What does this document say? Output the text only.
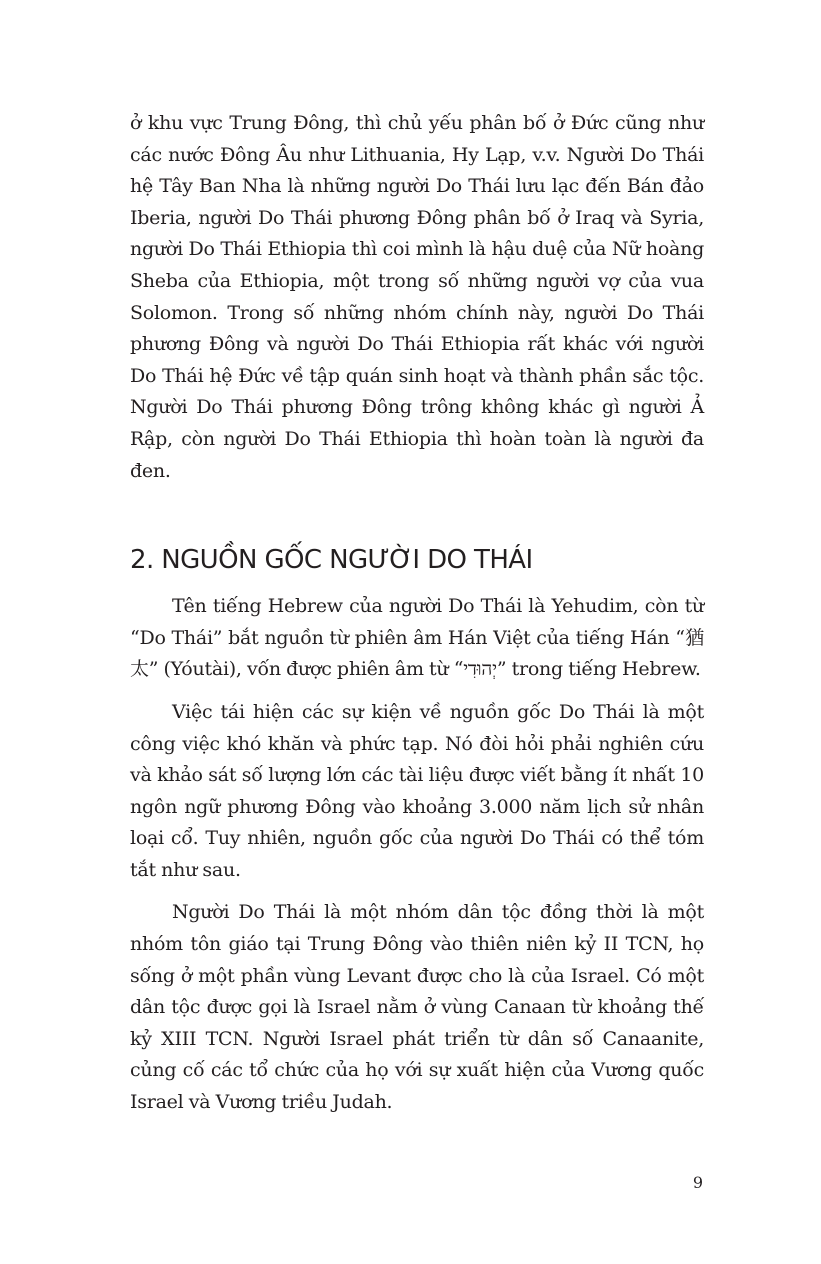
ở khu vực Trung Đông, thì chủ yếu phân bố ở Đức cũng như các nước Đông Âu như Lithuania, Hy Lạp, v.v. Người Do Thái hệ Tây Ban Nha là những người Do Thái lưu lạc đến Bán đảo Iberia, người Do Thái phương Đông phân bố ở Iraq và Syria, người Do Thái Ethiopia thì coi mình là hậu duệ của Nữ hoàng Sheba của Ethiopia, một trong số những người vợ của vua Solomon. Trong số những nhóm chính này, người Do Thái phương Đông và người Do Thái Ethiopia rất khác với người Do Thái hệ Đức về tập quán sinh hoạt và thành phần sắc tộc. Người Do Thái phương Đông trông không khác gì người Ả Rập, còn người Do Thái Ethiopia thì hoàn toàn là người đa đen.

2. NGUỒN GỐC NGƯỜI DO THÁI

Tên tiếng Hebrew của người Do Thái là Yehudim, còn từ “Do Thái” bắt nguồn từ phiên âm Hán Việt của tiếng Hán “猶太” (Yóutài), vốn được phiên âm từ “יְהוּדִי” trong tiếng Hebrew.

Việc tái hiện các sự kiện về nguồn gốc Do Thái là một công việc khó khăn và phức tạp. Nó đòi hỏi phải nghiên cứu và khảo sát số lượng lớn các tài liệu được viết bằng ít nhất 10 ngôn ngữ phương Đông vào khoảng 3.000 năm lịch sử nhân loại cổ. Tuy nhiên, nguồn gốc của người Do Thái có thể tóm tắt như sau.

Người Do Thái là một nhóm dân tộc đồng thời là một nhóm tôn giáo tại Trung Đông vào thiên niên kỷ II TCN, họ sống ở một phần vùng Levant được cho là của Israel. Có một dân tộc được gọi là Israel nằm ở vùng Canaan từ khoảng thế kỷ XIII TCN. Người Israel phát triển từ dân số Canaanite, củng cố các tổ chức của họ với sự xuất hiện của Vương quốc Israel và Vương triều Judah.

9
